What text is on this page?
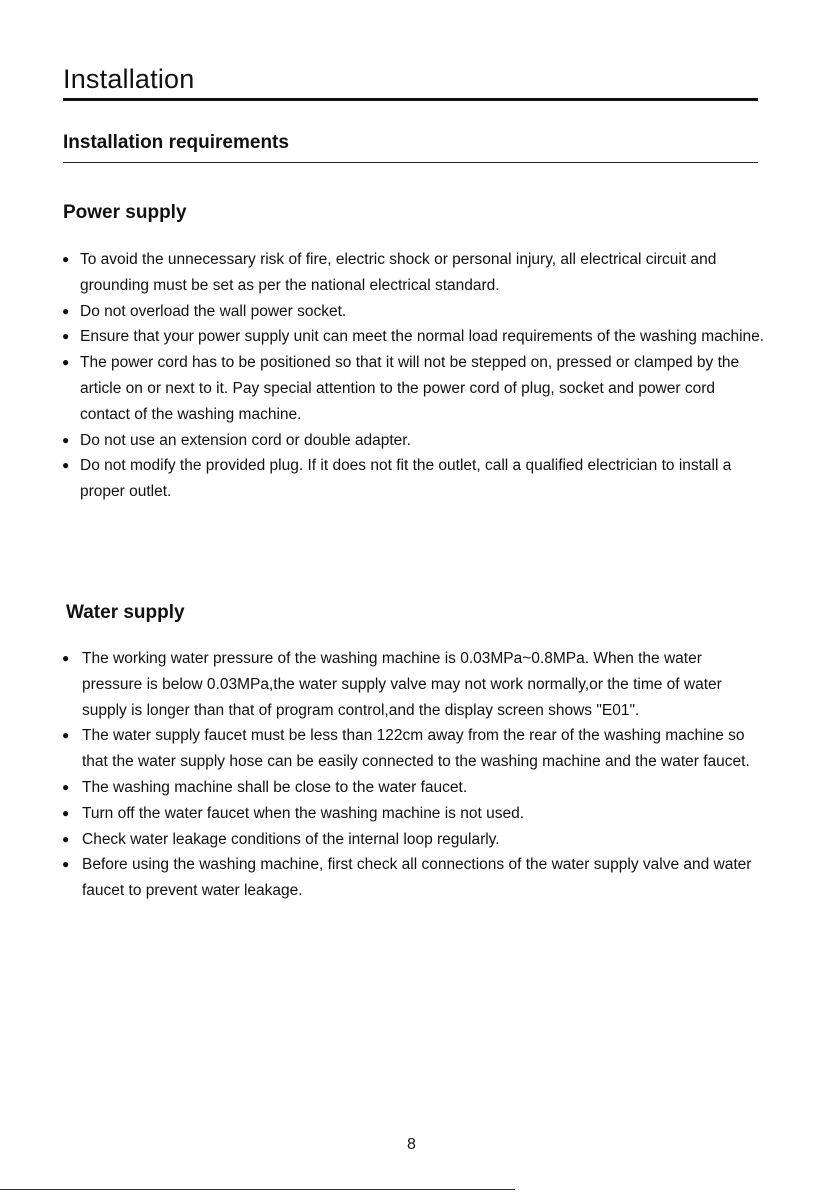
Installation
Installation requirements
Power supply
● To avoid the unnecessary risk of fire, electric shock or personal injury, all electrical circuit and grounding must be set as per the national electrical standard.
● Do not overload the wall power socket.
● Ensure that your power supply unit can meet the normal load requirements of the washing machine.
● The power cord has to be positioned so that it will not be stepped on, pressed or clamped by the article on or next to it. Pay special attention to the power cord of plug, socket and power cord contact of the washing machine.
● Do not use an extension cord or double adapter.
● Do not modify the provided plug. If it does not fit the outlet, call a qualified electrician to install a proper outlet.
Water supply
● The working water pressure of the washing machine is 0.03MPa~0.8MPa. When the water pressure is below 0.03MPa,the water supply valve may not work normally,or the time of water supply is longer than that of program control,and the display screen shows "E01".
● The water supply faucet must be less than 122cm away from the rear of the washing machine so that the water supply hose can be easily connected to the washing machine and the water faucet.
● The washing machine shall be close to the water faucet.
● Turn off the water faucet when the washing machine is not used.
● Check water leakage conditions of the internal loop regularly.
● Before using the washing machine, first check all connections of the water supply valve and water faucet to prevent water leakage.
8
